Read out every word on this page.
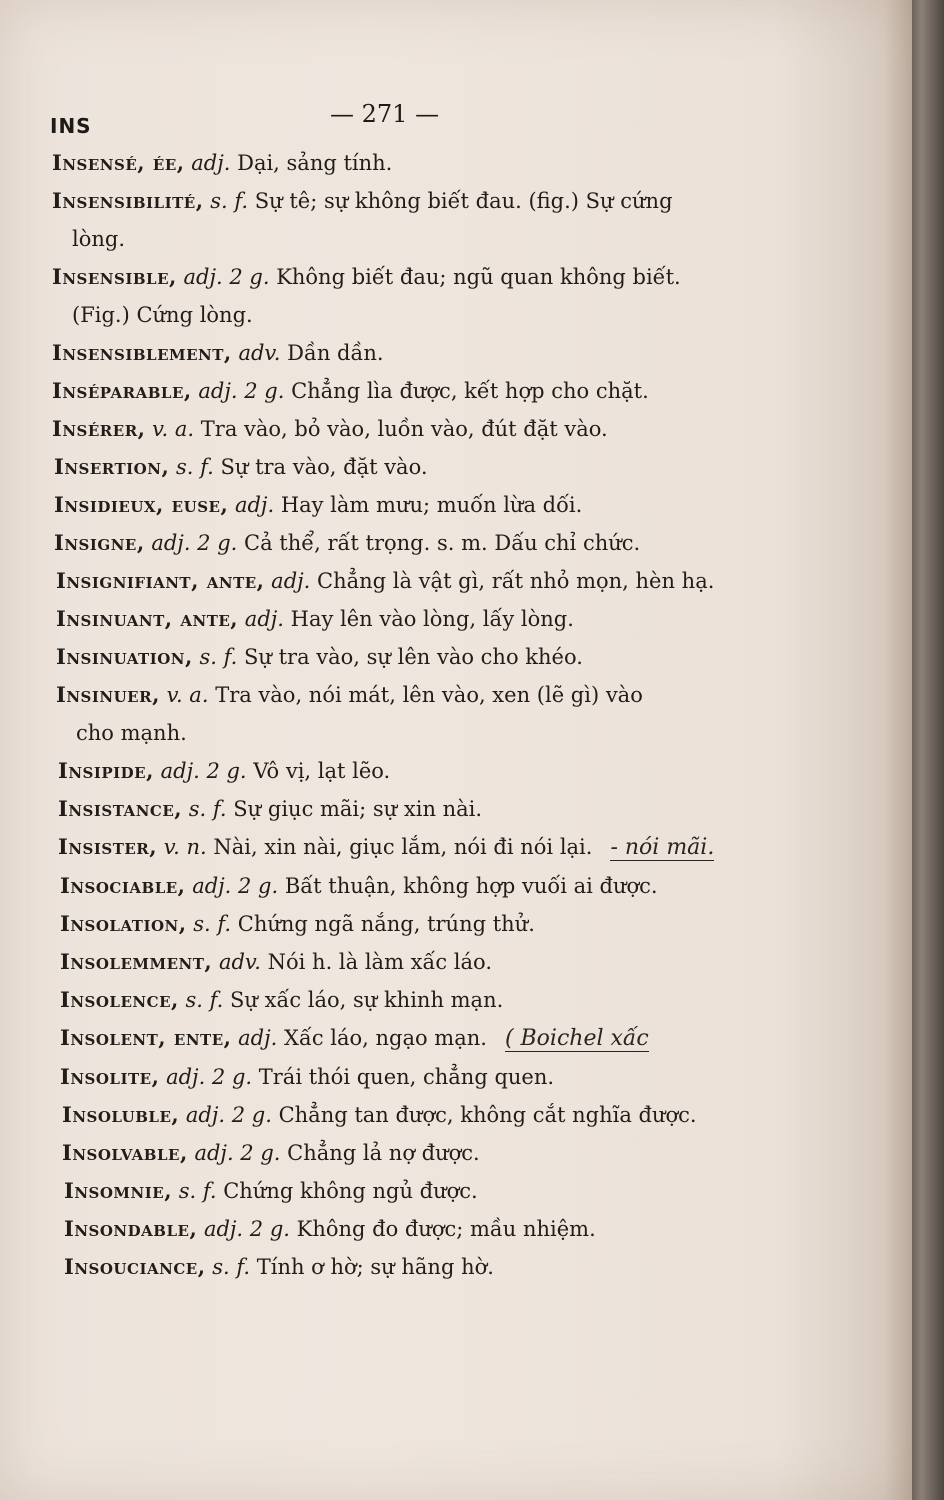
INS	— 271 —
Insensé, ée, adj. Dại, sảng tính.
Insensibilité, s. f. Sự tê; sự không biết đau. (fig.) Sự cứng
lòng.
Insensible, adj. 2 g. Không biết đau; ngũ quan không biết.
(Fig.) Cứng lòng.
Insensiblement, adv. Dần dần.
Inséparable, adj. 2 g. Chẳng lìa được, kết hợp cho chặt.
Insérer, v. a. Tra vào, bỏ vào, luồn vào, đút đặt vào.
Insertion, s. f. Sự tra vào, đặt vào.
Insidieux, euse, adj. Hay làm mưu; muốn lừa dối.
Insigne, adj. 2 g. Cả thể, rất trọng. s. m. Dấu chỉ chức.
Insignifiant, ante, adj. Chẳng là vật gì, rất nhỏ mọn, hèn hạ.
Insinuant, ante, adj. Hay lên vào lòng, lấy lòng.
Insinuation, s. f. Sự tra vào, sự lên vào cho khéo.
Insinuer, v. a. Tra vào, nói mát, lên vào, xen (lẽ gì) vào
cho mạnh.
Insipide, adj. 2 g. Vô vị, lạt lẽo.
Insistance, s. f. Sự giục mãi; sự xin nài.
Insister, v. n. Nài, xin nài, giục lắm, nói đi nói lại. - nói mãi.
Insociable, adj. 2 g. Bất thuận, không hợp vuối ai được.
Insolation, s. f. Chứng ngã nắng, trúng thử.
Insolemment, adv. Nói h. là làm xấc láo.
Insolence, s. f. Sự xấc láo, sự khinh mạn.
Insolent, ente, adj. Xấc láo, ngạo mạn. ( Boichel xấc
Insolite, adj. 2 g. Trái thói quen, chẳng quen.
Insoluble, adj. 2 g. Chẳng tan được, không cắt nghĩa được.
Insolvable, adj. 2 g. Chẳng lả nợ được.
Insomnie, s. f. Chứng không ngủ được.
Insondable, adj. 2 g. Không đo được; mầu nhiệm.
Insouciance, s. f. Tính ơ hờ; sự hãng hờ.
